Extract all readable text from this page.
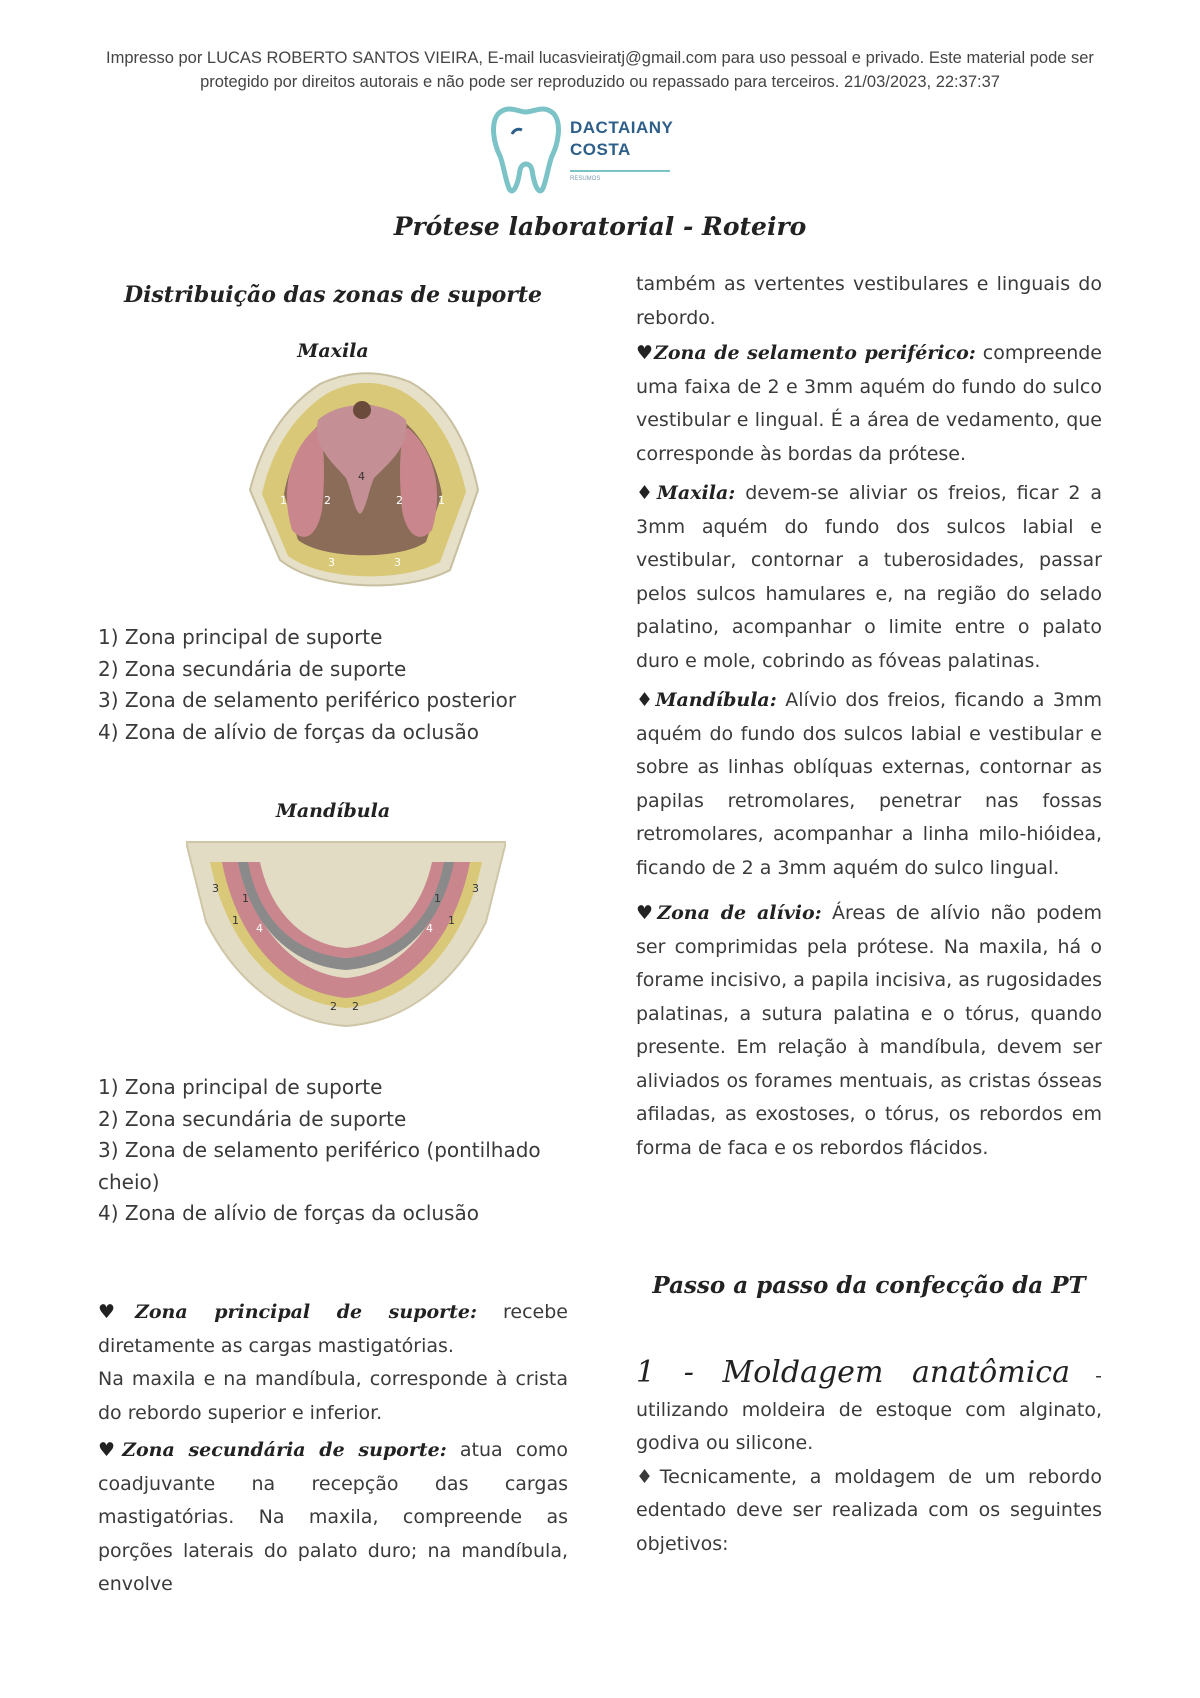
Impresso por LUCAS ROBERTO SANTOS VIEIRA, E-mail lucasvieiratj@gmail.com para uso pessoal e privado. Este material pode ser
protegido por direitos autorais e não pode ser reproduzido ou repassado para terceiros. 21/03/2023, 22:37:37
DACTAIANY
COSTA
RESUMOS
Prótese laboratorial - Roteiro
Distribuição das zonas de suporte
Maxila
1	2
4
2	1
3	3
1) Zona principal de suporte
2) Zona secundária de suporte
3) Zona de selamento periférico posterior
4) Zona de alívio de forças da oclusão
Mandíbula
3
1
1
4
1
1
4
3
2 2
1) Zona principal de suporte
2) Zona secundária de suporte
3) Zona de selamento periférico (pontilhado
cheio)
4) Zona de alívio de forças da oclusão

♥Zona principal de suporte: recebe diretamente as cargas mastigatórias.

Na maxila e na mandíbula, corresponde à crista do rebordo superior e inferior.

♥Zona secundária de suporte: atua como coadjuvante na recepção das cargas mastigatórias. Na maxila, compreende as porções laterais do palato duro; na mandíbula, envolve

também as vertentes vestibulares e linguais do rebordo.

♥Zona de selamento periférico: compreende uma faixa de 2 e 3mm aquém do fundo do sulco vestibular e lingual. É a área de vedamento, que corresponde às bordas da prótese.

♦Maxila: devem-se aliviar os freios, ficar 2 a 3mm aquém do fundo dos sulcos labial e vestibular, contornar a tuberosidades, passar pelos sulcos hamulares e, na região do selado palatino, acompanhar o limite entre o palato duro e mole, cobrindo as fóveas palatinas.

♦Mandíbula: Alívio dos freios, ficando a 3mm aquém do fundo dos sulcos labial e vestibular e sobre as linhas oblíquas externas, contornar as papilas retromolares, penetrar nas fossas retromolares, acompanhar a linha milo-hióidea, ficando de 2 a 3mm aquém do sulco lingual.

♥Zona de alívio: Áreas de alívio não podem ser comprimidas pela prótese. Na maxila, há o forame incisivo, a papila incisiva, as rugosidades palatinas, a sutura palatina e o tórus, quando presente. Em relação à mandíbula, devem ser aliviados os forames mentuais, as cristas ósseas afiladas, as exostoses, o tórus, os rebordos em forma de faca e os rebordos flácidos.

Passo a passo da confecção da PT

1 - Moldagem anatômica - utilizando moldeira de estoque com alginato, godiva ou silicone.

♦Tecnicamente, a moldagem de um rebordo edentado deve ser realizada com os seguintes objetivos:
